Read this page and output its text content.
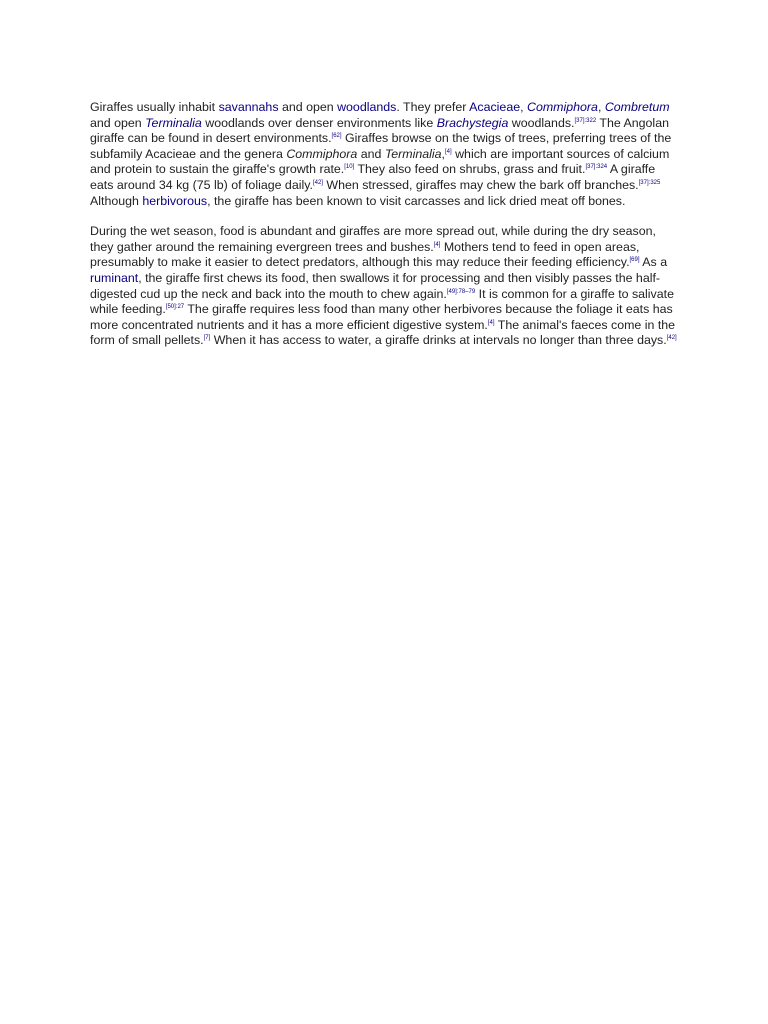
Giraffes usually inhabit savannahs and open woodlands. They prefer Acacieae, Commiphora, Combretum and open Terminalia woodlands over denser environments like Brachystegia woodlands.$^{[37]:322}$ The Angolan giraffe can be found in desert environments.[62] Giraffes browse on the twigs of trees, preferring trees of the subfamily Acacieae and the genera Commiphora and Terminalia,[4] which are important sources of calcium and protein to sustain the giraffe's growth rate.[10] They also feed on shrubs, grass and fruit.$^{[37]:324}$ A giraffe eats around 34 kg (75 lb) of foliage daily.[42] When stressed, giraffes may chew the bark off branches.$^{[37]:325}$ Although herbivorous, the giraffe has been known to visit carcasses and lick dried meat off bones.

During the wet season, food is abundant and giraffes are more spread out, while during the dry season, they gather around the remaining evergreen trees and bushes.[4] Mothers tend to feed in open areas, presumably to make it easier to detect predators, although this may reduce their feeding efficiency.[69] As a ruminant, the giraffe first chews its food, then swallows it for processing and then visibly passes the half-digested cud up the neck and back into the mouth to chew again.$^{[49]:78-79}$ It is common for a giraffe to salivate while feeding.$^{[50]:27}$ The giraffe requires less food than many other herbivores because the foliage it eats has more concentrated nutrients and it has a more efficient digestive system.[4] The animal's faeces come in the form of small pellets.[7] When it has access to water, a giraffe drinks at intervals no longer than three days.[42]
